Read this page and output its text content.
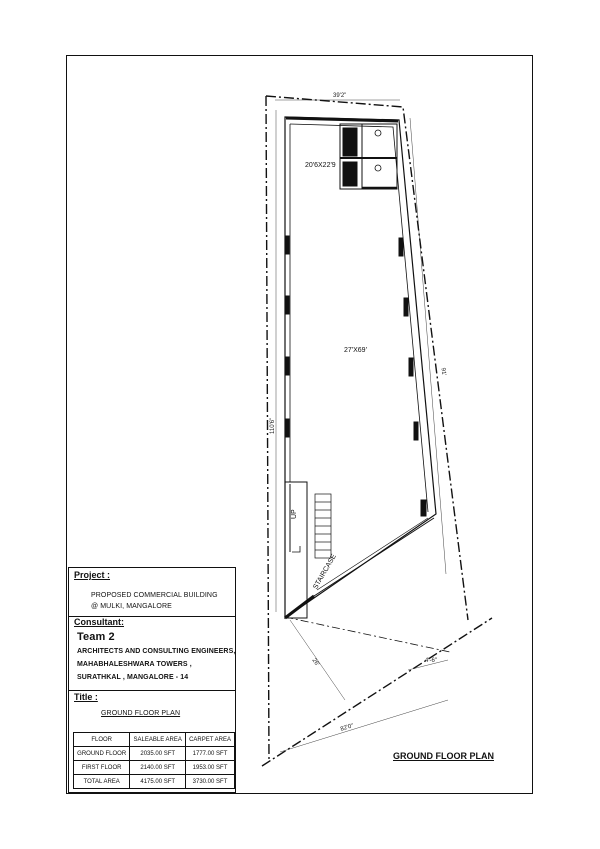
20'6X22'9
27'X69'
UP
STAIRCASE
39'2"
110'6"
91'
26'	4'-6"
82'0"
Project :
PROPOSED COMMERCIAL BUILDING
@ MULKI, MANGALORE
Consultant:
Team 2
ARCHITECTS AND CONSULTING ENGINEERS,
MAHABHALESHWARA TOWERS ,
SURATHKAL , MANGALORE - 14
Title :
GROUND FLOOR PLAN
FLOOR	SALEABLE AREA	CARPET AREA
GROUND FLOOR	2035.00 SFT	1777.00 SFT
FIRST FLOOR	2140.00 SFT	1953.00 SFT
TOTAL AREA	4175.00 SFT	3730.00 SFT
GROUND FLOOR PLAN
